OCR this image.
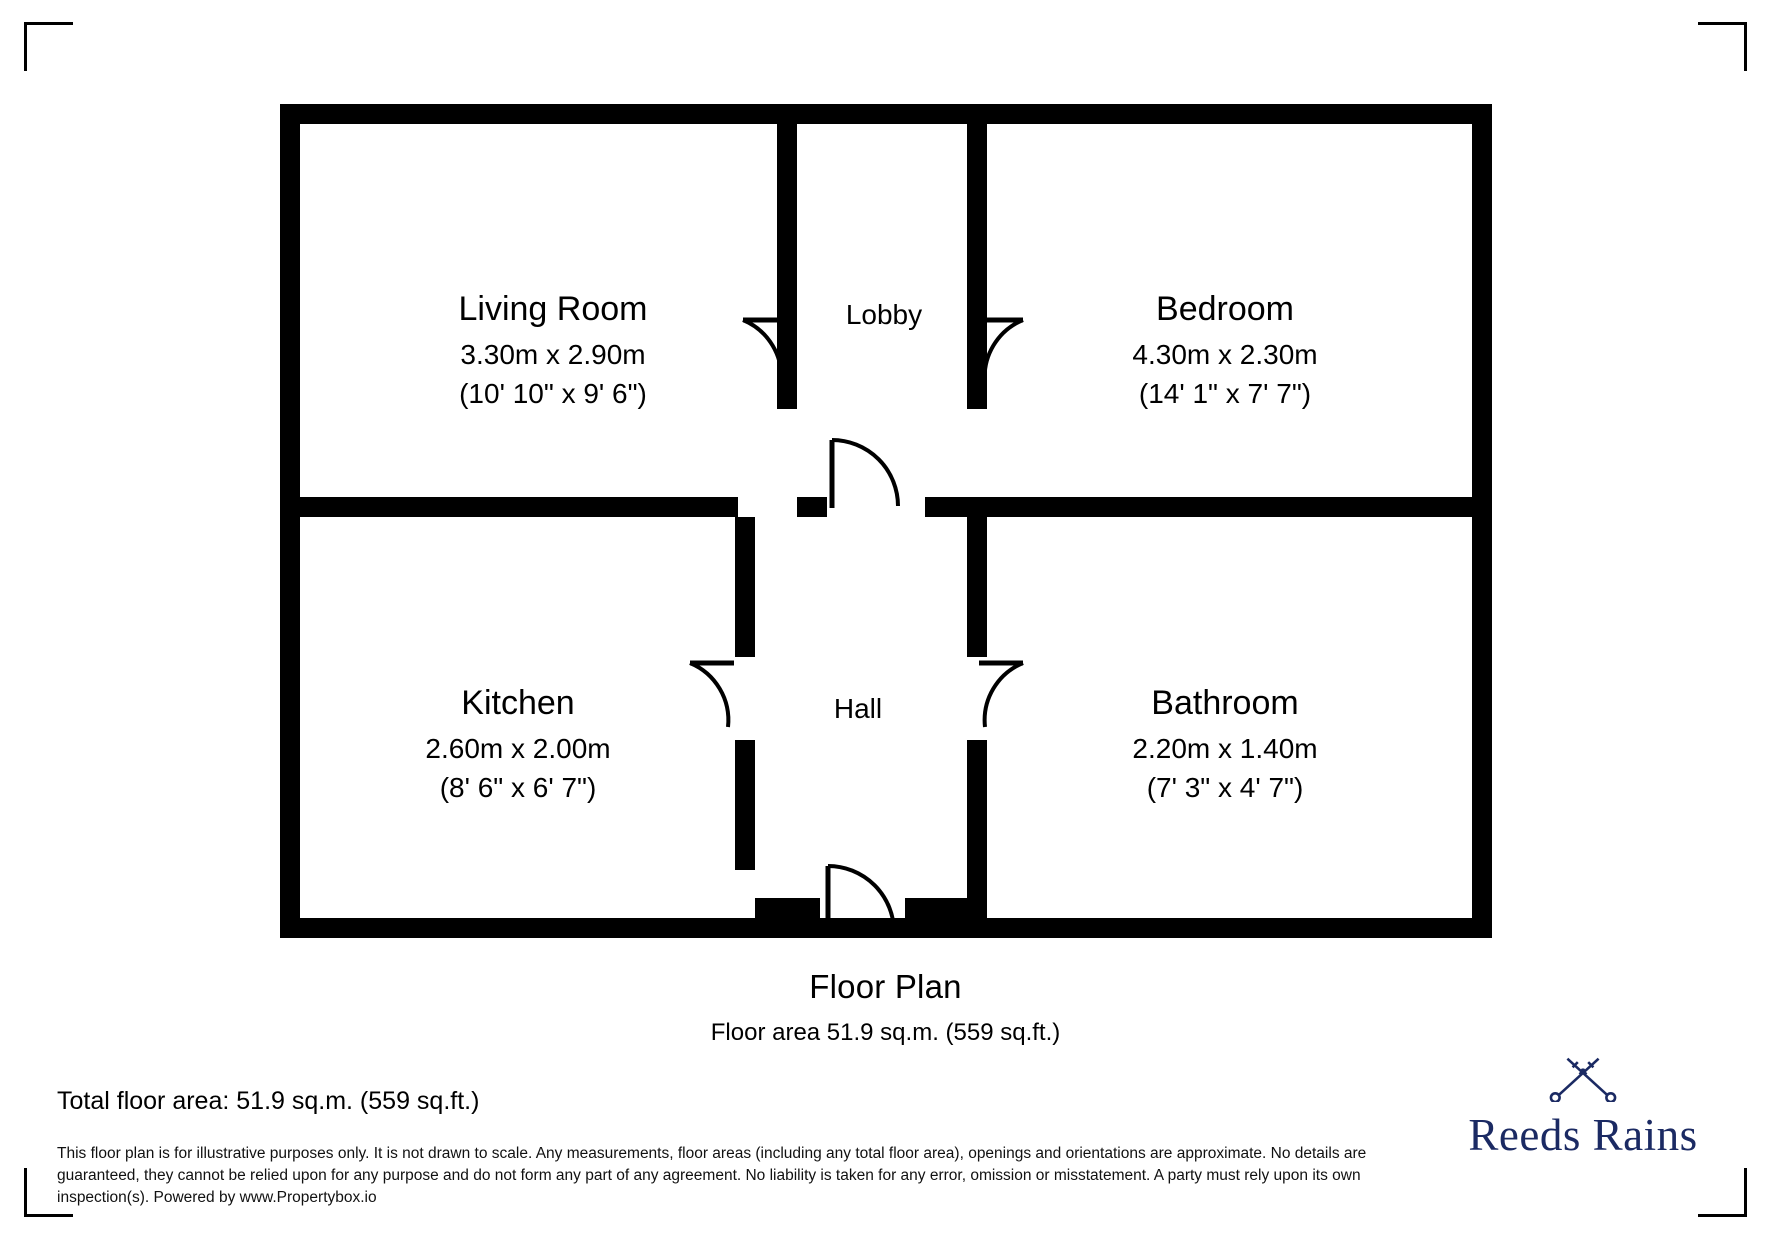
Living Room
3.30m x 2.90m
(10' 10" x 9' 6")
Lobby	Bedroom
4.30m x 2.30m
(14' 1" x 7' 7")
Kitchen
2.60m x 2.00m
(8' 6" x 6' 7")
Hall	Bathroom
2.20m x 1.40m
(7' 3" x 4' 7")
Floor Plan
Floor area 51.9 sq.m. (559 sq.ft.)
Total floor area: 51.9 sq.m. (559 sq.ft.)
This floor plan is for illustrative purposes only. It is not drawn to scale. Any measurements, floor areas (including any total floor area), openings and orientations are approximate. No details are guaranteed, they cannot be relied upon for any purpose and do not form any part of any agreement. No liability is taken for any error, omission or misstatement. A party must rely upon its own inspection(s). Powered by www.Propertybox.io
Reeds Rains
